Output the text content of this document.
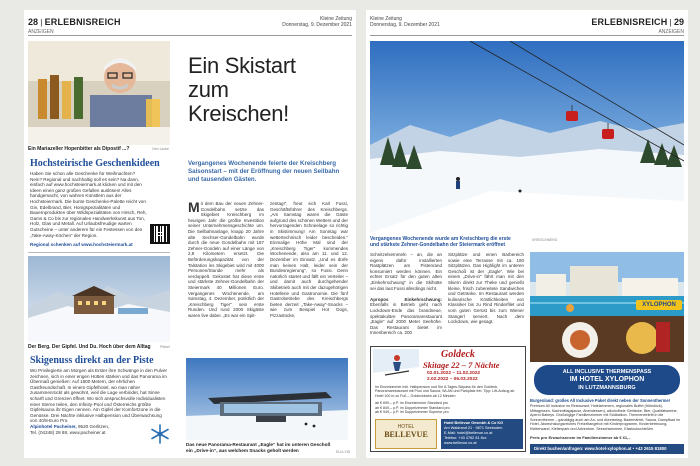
28 | ERLEBNISREICH
ANZEIGEN
Kleine Zeitung
Donnerstag, 9. Dezember 2021
Ein Mariazeller Hopenbitter als Dipostif ...?	Gen Lacke
Hochsteirische Geschenkideen
Haben Sie schon alle Geschenke für Weihnachten? Nein? Regional und nachhaltig soll es sein? Na dann, einfach auf www.hochsteiermark.at klicken und mit den Ideen einen ganz großen Gefallen auslösen! Alles handgemacht, von wahren Künstlern aus der Hochsteiermark. Die bunte Geschenke-Palette reicht von Gin, Edelbrand, Bier, Honigspezialitäten und Bauernprodukten über Wildspezialitäten von Hirsch, Reh, Gams & Co bis zur regionalen Handwerkskunst aus Ton, Holz, Glas und Metall. Auf Urlaubsfreudige warten Gutscheine – unter anderem für ein Festessen von den „Take-Away-Köchen“ der Region.
Regional schenken auf www.hochsteiermark.at
Der Berg. Der Gipfel. Und Du. Hoch über dem Alltag	Pibbel
Skigenuss direkt an der Piste
Wo Privilegierte am Morgen als Erster ihre Schwünge in den Pulver zeichnen, sich in einer engen Hütten stärken und das Panorama im Übermaß genießen: Auf 1800 Metern, der ehrlichen Gastfreundschaft. In einem Gipfelhotel, wo man näher zusammenrückt als gewohnt, weil die Lage verbindet, hat Sinne scharft und Grenzen öffnet. Wo sich anspruchsvolle Individualisten einer Sterne teilen, den Infinity-Pool und Österreichs größte Gipfelsauna ihr Eigen nennen. Am Gipfel der Komfortzone in die Genüsse. Drei Nächte inklusive Halbpension und Überwachsung von 40/8-Euro Pro.
Alpinhotel Pacheiner, 9520 Gerlitzen,
Tel. (04248) 28 88, www.pacheiner.at
Ein Skistart zum Kreischen!
Vergangenes Wochenende feierte der Kreischberg Saisonstart – mit der Eröffnung der neuen Seilbahn und tausenden Gästen.
Mit dem Bau der neuen Zehner-Gondelbahn setzte das Skigebiet Kreischberg im heurigen Jahr die größte Investition seiner Unternehmensgeschichte um. Die Seilbahnanlage, knapp 20 Jahre alte Sechser-Gondelbahn wurde durch die neue Gondelbahn mit 187 Zehner-Gondeln auf einer Länge von 2,8 Kilometern ersetzt. Die Beförderungskapazität von der Talstation ins Skigebiet wird mit 4000 Personen/Stunde mehr als verdoppelt. Gekostet hat diese erste und stärkste Zehner-Gondelbahn der Steiermark 40 Millionen Euro. Vergangenes Wochenende, am Samstag, 4. Dezember, pünktlich der „Kreischberg Tiger“ sein erste Runden. Und rund 2000 Skigäste waren live dabei. „Es war ein Spit-
zentag!“, freut sich Karl Fussi, Geschäftsführer des Kreischbergs. „Am Samstag waren die Gäste aufgrund des schönen Wetters und der hervorragenden Schneelage so richtig in Skistimmung! Am Sonntag war wettertechnisch leider bescheiden.“ Einmalige Höhe Mal sind der „Kreischberg Tiger“ kommendes Wochenende, also am 11. und 12. Dezember im Einsatz. „Und es dürfe man keinen Halt, leider sein der Bundesregierung“, so Fussi. Denn natürlich startet und fällt ein Verteiler – und damit auch durchgehender Skibetrieb auch mit der dazugehörigen Hotellerie und Gastronomie. Die fünf Gastrobetriebe des Kreischbergs bieten derzeit „Take-Away“-Snacks – wie zum Beispiel Hot Dogs, Pizzastücke,
Das neue Panorama-Restaurant „Eagle“ hat im unteren Geschoß ein „Drive-in“, aus welchem Snacks geholt werden	ELIA VID
Kleine Zeitung
Donnerstag, 9. Dezember 2021	ERLEBNISREICH | 29
ANZEIGEN
Vergangenes Wochenende wurde am Kreischberg die erste und stärkste Zehner-Gondelbahn der Steiermark eröffnet
KREISCHBERG
Schnitzelsemmeln – an, die an eigens dafür installierten Rastplätzen am Pistenrand konsumiert werden können. Ein echter Ersatz für den guten alten „Einkehrschwung“ in die Skihütte sei das laut Fussi allerdings nicht.

Apropos Einkehrschwung: Ebenfalls in Betrieb geht nach Lockdown-Ende das brandneue, spektakuläre Panoramarestaurant „Eagle“ auf 2000 Meter Seehöhe. Das Restaurant bietet im Innenbereich ca. 200
Sitzplätze und einen Barbereich sowie eine Terrasse mit ca. 180 Sitzplätzen. Das Highlight im unteren Geschoß ist der „Eagle“. Wie bei einem „Drive-in“ fährt man mit den Skiern direkt zur Theke und genießt kleine, frisch zubereitete Sandwiches und Getränke. Im Restaurant werden kulinarische Köstlichkeiten von Klassiker bis zu Rind Rinderfilet und vom guten Gerüst bis zum Wiener Stangerl serviert. Nach dem Lockdown, wie gesagt.
Goldeck
Skitage 22 – 7 Nächte
02.01.2022 – 11.02.2022
2.02.2022 – 06.03.2022
Im Einzelzimmer inkl. Halbpension und Sie 8-Tages-Skipass für den Goldeck. Panoramarestaurant mit Pool und Sauna; WLAN und Parkplatz frei. Tipp: Lift-Aufzug ab Hotel 100 m zu Fuß – Goldeckbahn ab 12 Minuten
ab € 699,– p.P. im Einzelzimmer Standard pro
ab € 849,– p.P. im Doppelzimmer Standard pro
ab € 949,– p.P. im Doppelzimmer Superior pro
HOTEL
BELLEVUE
Hotel Bellevue Gesmbh & Co KG
Am Waldrand 21 · 9871 Seeboden
E-Mail: hotel@bellevue.co.at
Telefon: +43 4762 81 8xx
www.bellevue.co.at
XYLOPHON
ALL INCLUSIVE THERMENSPASS
IM HOTEL XYLOPHON
IN LUTZMANNSBURG
Burgenland: großes All Inclusive Paket direkt neben der Sonnentherme!
Premium All Inclusive im Restaurant, Hotelzimmern, regionales Buffet (frühstück), Mittagessen, Nachmittagsjause, Abendessen), alkoholfreie Getränke, Bier, Qualitätsweine, Aperol Babeys. Großzügige Familienzimmer mit Südbalkon. Thermeneintritt in die Sonnentherme – ganztägig auch am An- und Abreisetag. Bademäntel, Sauna, Dampfbad im Hotel. Abwechslungsreiches Freizeitangebot mit Kinderprogramm, Kinderbetreuung, Kletterwand, Kletterpark und Adventure. Seeschwimmen, Eisstockschießen.
Preis pro Erwachsenem im Familienzimmer ab € 61,–
Direkt buchen/anfragen: www.hotel-xylophon.at • +43 2615 81800
